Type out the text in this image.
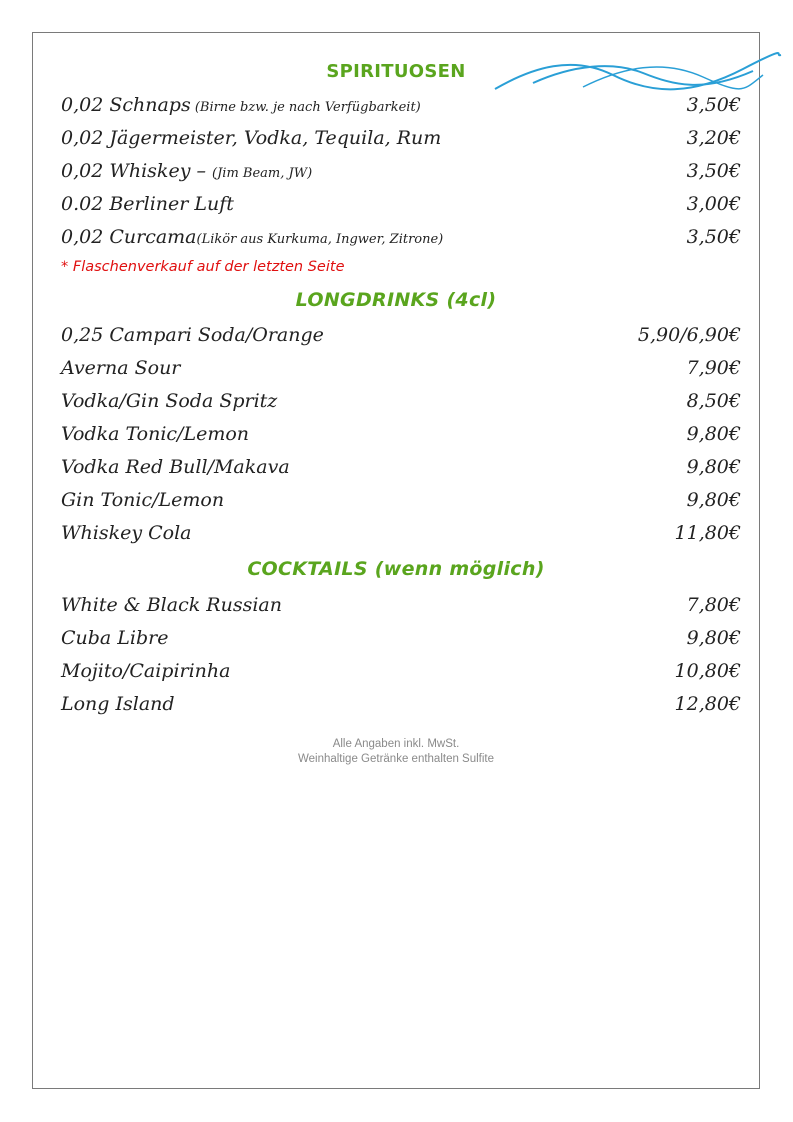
SPIRITUOSEN
0,02 Schnaps (Birne bzw. je nach Verfügbarkeit)	3,50€
0,02 Jägermeister, Vodka, Tequila, Rum	3,20€
0,02 Whiskey – (Jim Beam, JW)	3,50€
0.02 Berliner Luft	3,00€
0,02 Curcama(Likör aus Kurkuma, Ingwer, Zitrone)	3,50€
* Flaschenverkauf auf der letzten Seite
LONGDRINKS (4cl)
0,25 Campari Soda/Orange	5,90/6,90€
Averna Sour	7,90€
Vodka/Gin Soda Spritz	8,50€
Vodka Tonic/Lemon	9,80€
Vodka Red Bull/Makava	9,80€
Gin Tonic/Lemon	9,80€
Whiskey Cola	11,80€
COCKTAILS (wenn möglich)
White & Black Russian	7,80€
Cuba Libre	9,80€
Mojito/Caipirinha	10,80€
Long Island	12,80€
Alle Angaben inkl. MwSt.
Weinhaltige Getränke enthalten Sulfite
